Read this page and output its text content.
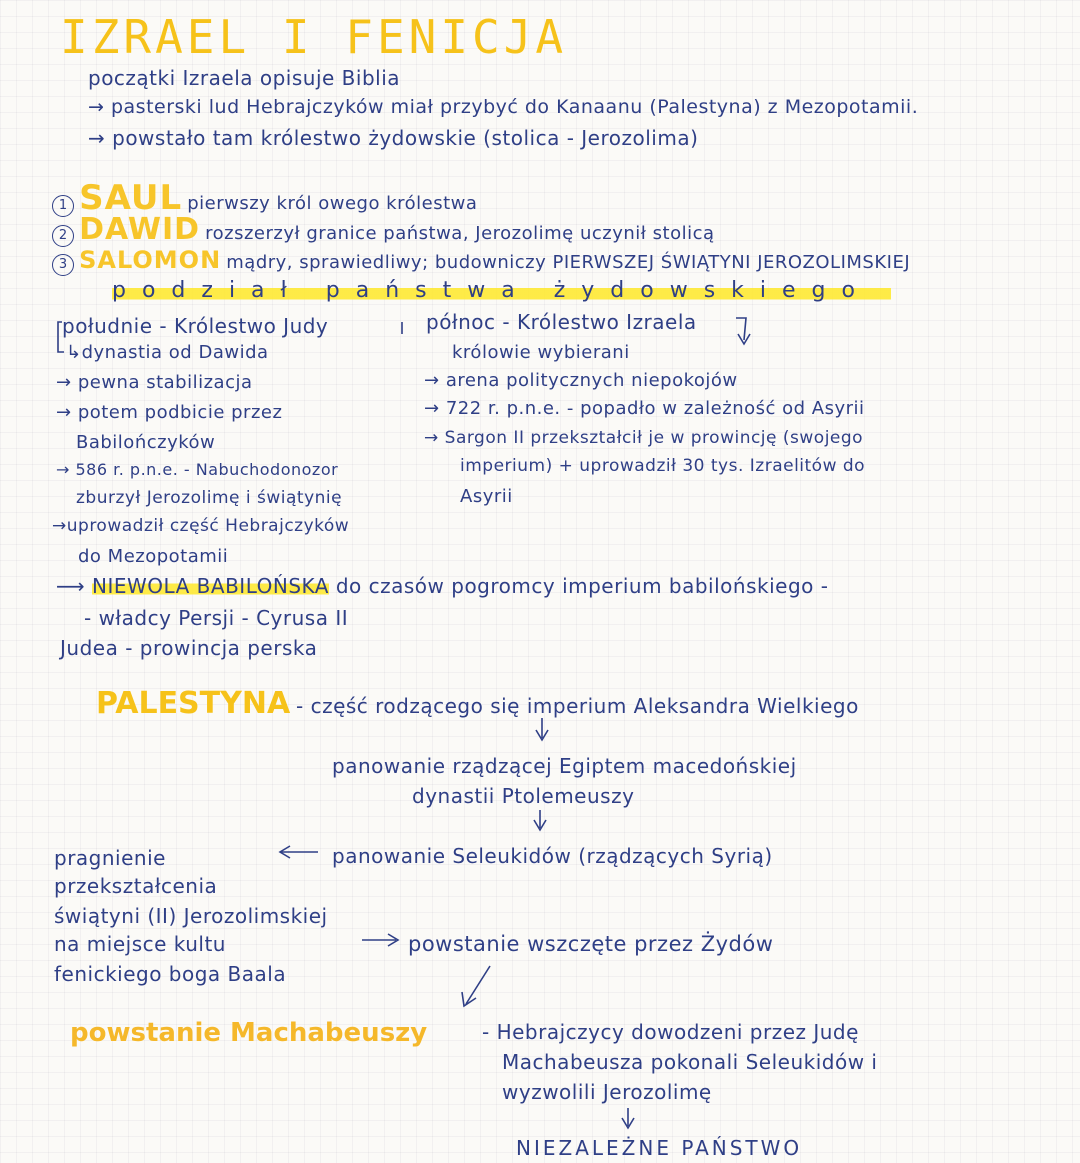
IZRAEL I FENICJA
początki Izraela opisuje Biblia
→ pasterski lud Hebrajczyków miał przybyć do Kanaanu (Palestyna) z Mezopotamii.
→ powstało tam królestwo żydowskie (stolica - Jerozolima)
1 SAUL pierwszy król owego królestwa
2 DAWID rozszerzył granice państwa, Jerozolimę uczynił stolicą
3 SALOMON mądry, sprawiedliwy; budowniczy PIERWSZEJ ŚWIĄTYNI JEROZOLIMSKIEJ
podział państwa żydowskiego
południe - Królestwo Judy
↳dynastia od Dawida
→ pewna stabilizacja
→ potem podbicie przez
Babilończyków
→ 586 r. p.n.e. - Nabuchodonozor
zburzył Jerozolimę i świątynię
→uprowadził część Hebrajczyków
do Mezopotamii
północ - Królestwo Izraela
królowie wybierani
→ arena politycznych niepokojów
→ 722 r. p.n.e. - popadło w zależność od Asyrii
→ Sargon II przekształcił je w prowincję (swojego
imperium) + uprowadził 30 tys. Izraelitów do
Asyrii
⟶ NIEWOLA BABILOŃSKA do czasów pogromcy imperium babilońskiego -
- władcy Persji - Cyrusa II
Judea - prowincja perska
PALESTYNA - część rodzącego się imperium Aleksandra Wielkiego
panowanie rządzącej Egiptem macedońskiej
dynastii Ptolemeuszy
panowanie Seleukidów (rządzących Syrią)
pragnienie
przekształcenia
świątyni (II) Jerozolimskiej
na miejsce kultu
fenickiego boga Baala
powstanie wszczęte przez Żydów
powstanie Machabeuszy	- Hebrajczycy dowodzeni przez Judę
Machabeusza pokonali Seleukidów i
wyzwolili Jerozolimę
NIEZALEŻNE PAŃSTWO
